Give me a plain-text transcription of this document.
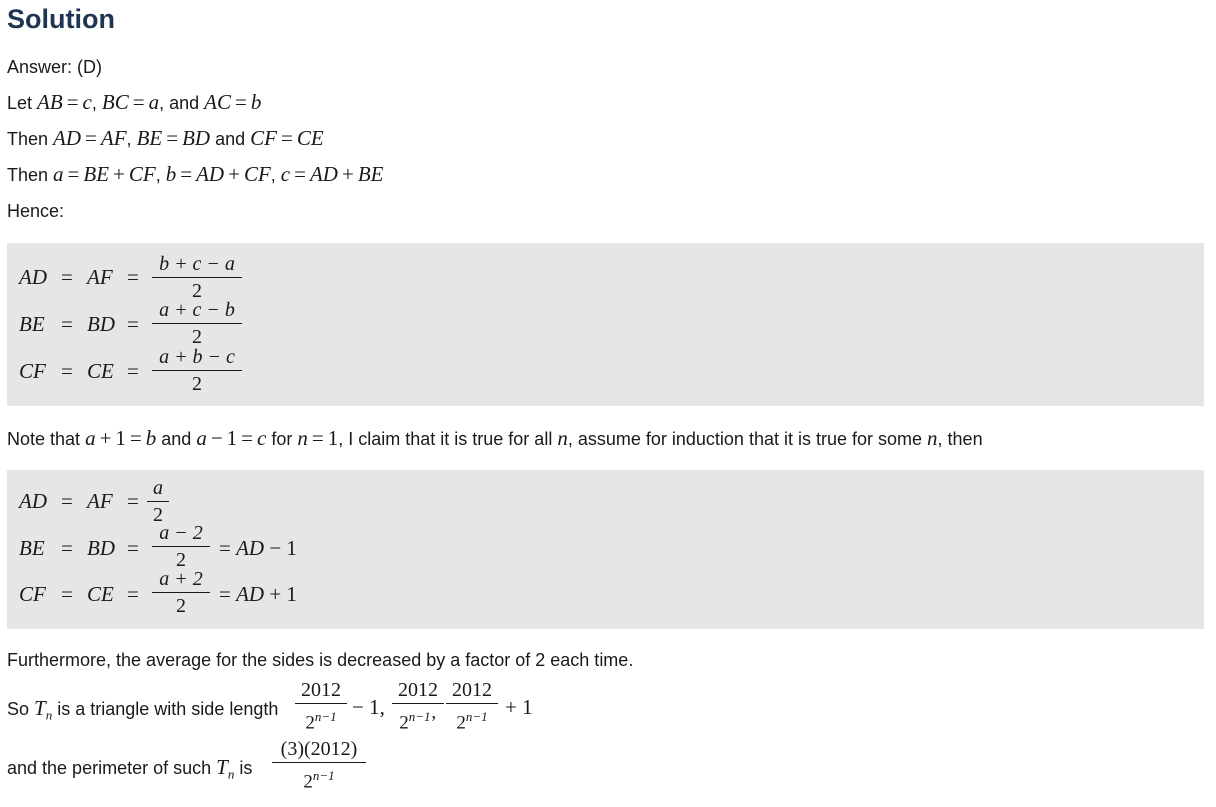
Solution
Answer: (D)
Let AB = c, BC = a, and AC = b
Then AD = AF, BE = BD and CF = CE
Then a = BE + CF, b = AD + CF, c = AD + BE
Hence:
AD = AF =
b + c − a
2
BE = BD =
a + c − b
2
CF = CE =
a + b − c
2
Note that a + 1 = b and a − 1 = c for n = 1, I claim that it is true for all n, assume for induction that it is true for some n, then
AD = AF =
a
2
BE = BD =
a − 2
2	= AD − 1
CF = CE =
a + 2
2	= AD + 1
Furthermore, the average for the sides is decreased by a factor of 2 each time.
So $T_n$ is a triangle with side length
2012
$2^{n-1} - 1$,
2012
$2^{n-1}$’
2012
$2^{n-1} + 1$
and the perimeter of such $T_n$ is
(3)(2012)
$2^{n-1}$
